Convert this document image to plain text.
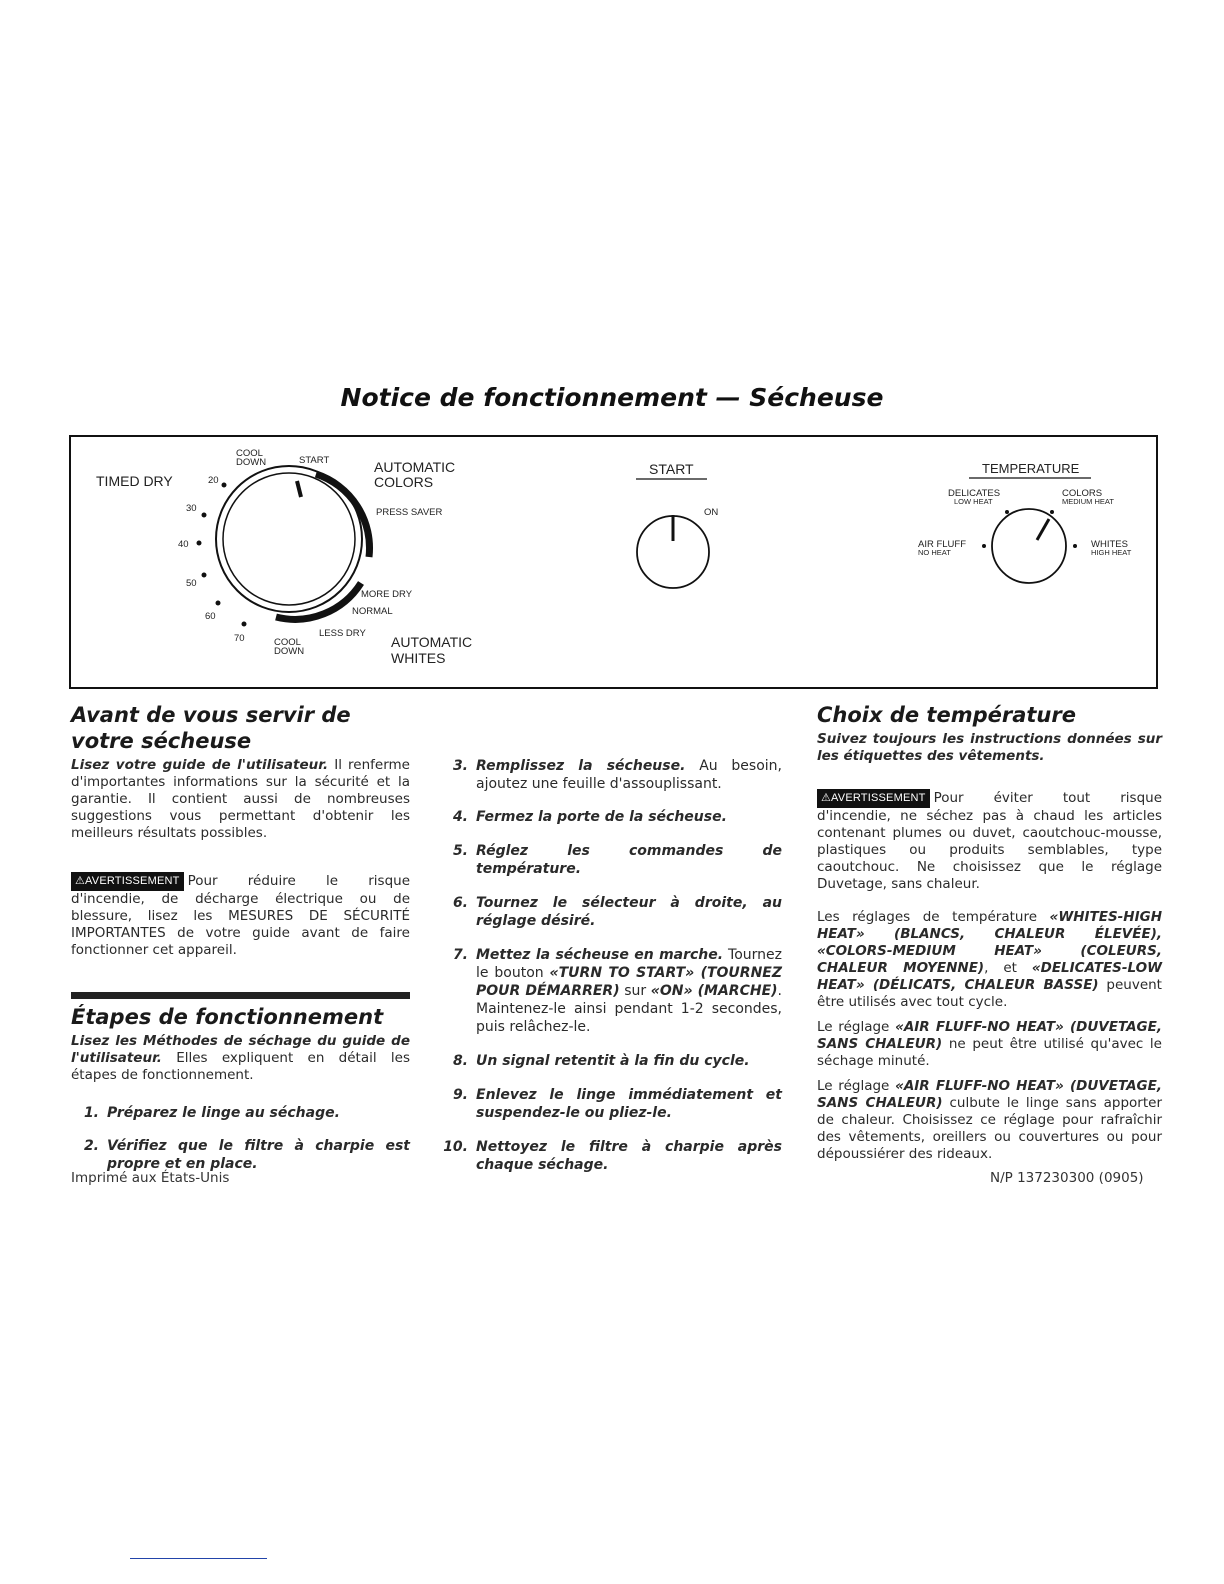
Notice de fonctionnement — Sécheuse
TIMED DRY
COOL
DOWN	START	AUTOMATIC
COLORS
PRESS SAVER
MORE DRY
NORMAL
LESS DRY
COOL
DOWN
AUTOMATIC
WHITES
20
30
40
50
60
70
START
ON
TEMPERATURE
DELICATES
LOW HEAT
COLORS
MEDIUM HEAT
AIR FLUFF
NO HEAT
WHITES
HIGH HEAT
Avant de vous servir de votre sécheuse

Lisez votre guide de l'utilisateur. Il renferme d'importantes informations sur la sécurité et la garantie. Il contient aussi de nombreuses suggestions vous permettant d'obtenir les meilleurs résultats possibles.

⚠AVERTISSEMENT Pour réduire le risque d'incendie, de décharge électrique ou de blessure, lisez les MESURES DE SÉCURITÉ IMPORTANTES de votre guide avant de faire fonctionner cet appareil.

Étapes de fonctionnement

Lisez les Méthodes de séchage du guide de l'utilisateur. Elles expliquent en détail les étapes de fonctionnement.

1. Préparez le linge au séchage.
2. Vérifiez que le filtre à charpie est propre et en place.
3. Remplissez la sécheuse. Au besoin, ajoutez une feuille d'assouplissant.
4. Fermez la porte de la sécheuse.
5. Réglez les commandes de température.
6. Tournez le sélecteur à droite, au réglage désiré.
7. Mettez la sécheuse en marche. Tournez le bouton «TURN TO START» (TOURNEZ POUR DÉMARRER) sur «ON» (MARCHE). Maintenez-le ainsi pendant 1-2 secondes, puis relâchez-le.
8. Un signal retentit à la fin du cycle.
9. Enlevez le linge immédiatement et suspendez-le ou pliez-le.
10. Nettoyez le filtre à charpie après chaque séchage.
Choix de température

Suivez toujours les instructions données sur les étiquettes des vêtements.

⚠AVERTISSEMENT Pour éviter tout risque d'incendie, ne séchez pas à chaud les articles contenant plumes ou duvet, caoutchouc-mousse, plastiques ou produits semblables, type caoutchouc. Ne choisissez que le réglage Duvetage, sans chaleur.

Les réglages de température «WHITES-HIGH HEAT» (BLANCS, CHALEUR ÉLEVÉE), «COLORS-MEDIUM HEAT» (COLEURS, CHALEUR MOYENNE), et «DELICATES-LOW HEAT» (DÉLICATS, CHALEUR BASSE) peuvent être utilisés avec tout cycle.

Le réglage «AIR FLUFF-NO HEAT» (DUVETAGE, SANS CHALEUR) ne peut être utilisé qu'avec le séchage minuté.

Le réglage «AIR FLUFF-NO HEAT» (DUVETAGE, SANS CHALEUR) culbute le linge sans apporter de chaleur. Choisissez ce réglage pour rafraîchir des vêtements, oreillers ou couvertures ou pour dépoussiérer des rideaux.

Imprimé aux États-Unis	N/P 137230300 (0905)
